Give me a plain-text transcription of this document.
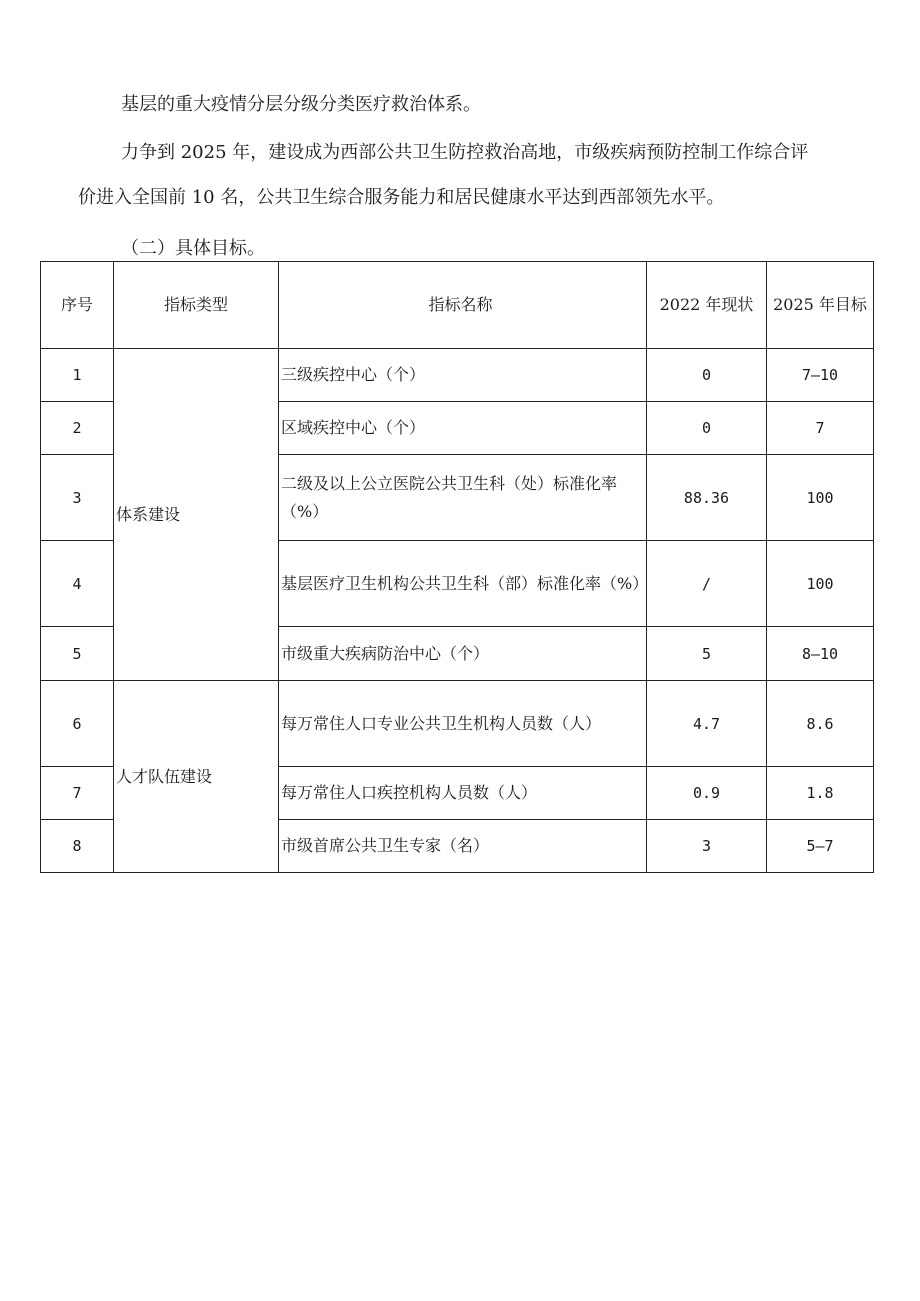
基层的重大疫情分层分级分类医疗救治体系。

力争到 2025 年，建设成为西部公共卫生防控救治高地，市级疾病预防控制工作综合评

价进入全国前 10 名，公共卫生综合服务能力和居民健康水平达到西部领先水平。

（二）具体目标。

序号	指标类型	指标名称	2022 年现状	2025 年目标
1	体系建设	三级疾控中心（个）	0	7—10
2		区域疾控中心（个）	0	7
3		二级及以上公立医院公共卫生科（处）标准化率（%）	88.36	100
4		基层医疗卫生机构公共卫生科（部）标准化率（%）	/	100
5		市级重大疾病防治中心（个）	5	8—10
6	人才队伍建设	每万常住人口专业公共卫生机构人员数（人）	4.7	8.6
7		每万常住人口疾控机构人员数（人）	0.9	1.8
8		市级首席公共卫生专家（名）	3	5—7
